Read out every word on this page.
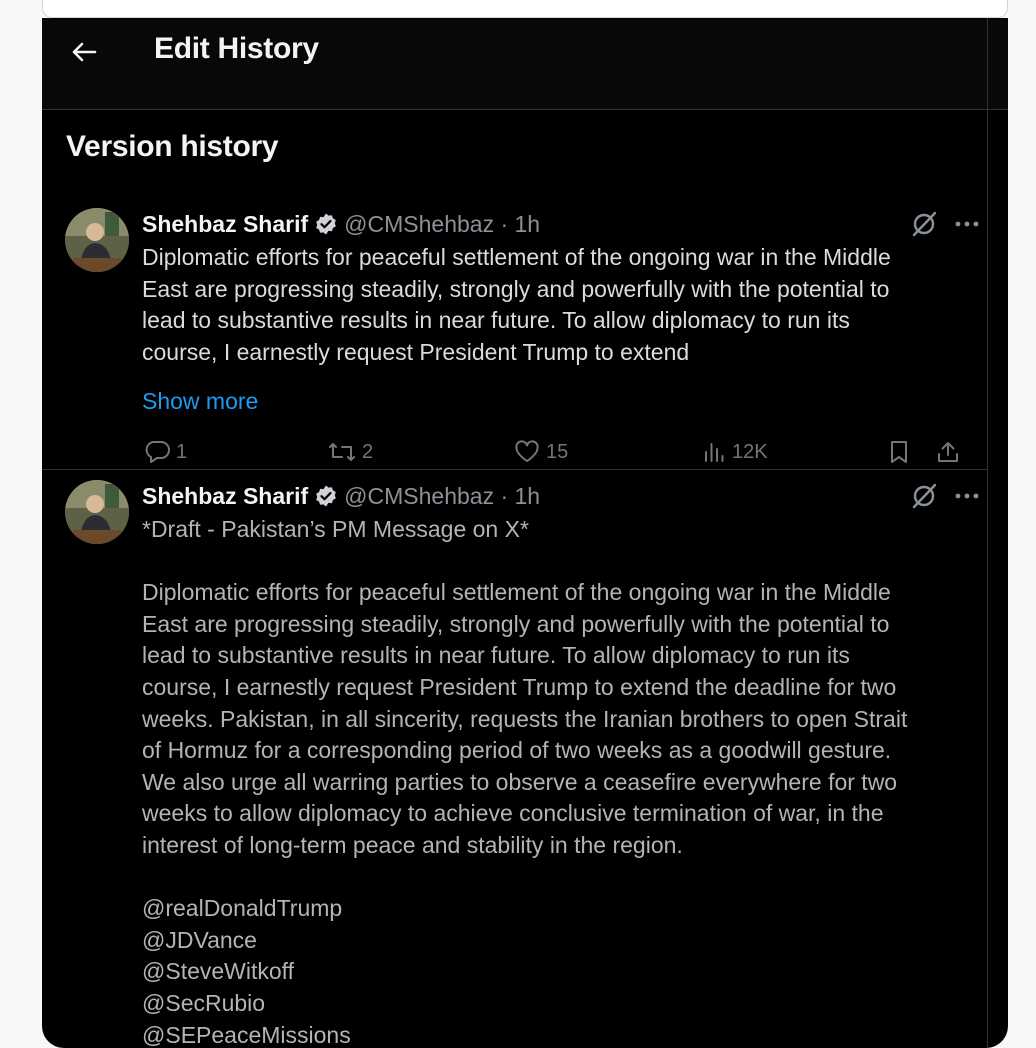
Edit History
Version history
Shehbaz Sharif @CMShehbaz · 1h
Diplomatic efforts for peaceful settlement of the ongoing war in the Middle
East are progressing steadily, strongly and powerfully with the potential to
lead to substantive results in near future. To allow diplomacy to run its
course, I earnestly request President Trump to extend
Show more
1	2	15	12K
Shehbaz Sharif @CMShehbaz · 1h
*Draft - Pakistan’s PM Message on X*

Diplomatic efforts for peaceful settlement of the ongoing war in the Middle
East are progressing steadily, strongly and powerfully with the potential to
lead to substantive results in near future. To allow diplomacy to run its
course, I earnestly request President Trump to extend the deadline for two
weeks. Pakistan, in all sincerity, requests the Iranian brothers to open Strait
of Hormuz for a corresponding period of two weeks as a goodwill gesture.
We also urge all warring parties to observe a ceasefire everywhere for two
weeks to allow diplomacy to achieve conclusive termination of war, in the
interest of long-term peace and stability in the region.

@realDonaldTrump
@JDVance
@SteveWitkoff
@SecRubio
@SEPeaceMissions
